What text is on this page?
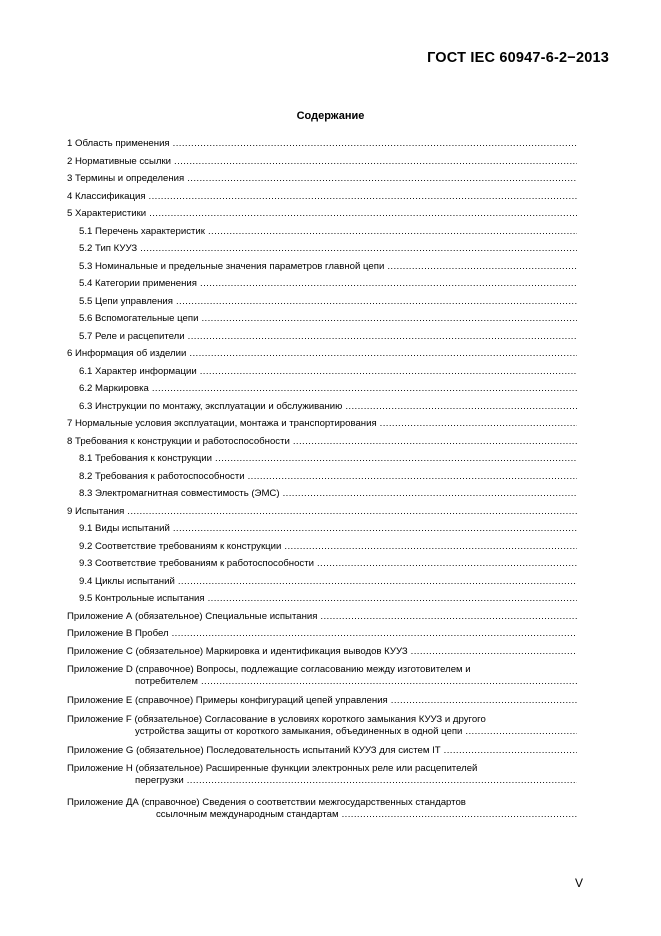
ГОСТ IEC 60947-6-2−2013
Содержание
1 Область применения
.....
2 Нормативные ссылки
.....
3 Термины и определения
.....
4 Классификация
.....
5 Характеристики
.....
5.1 Перечень характеристик
.....
5.2 Тип КУУЗ
.....
5.3 Номинальные и предельные значения параметров главной цепи
.....
5.4 Категории применения
.....
5.5 Цепи управления
.....
5.6 Вспомогательные цепи
.....
5.7 Реле и расцепители
.....
6 Информация об изделии
.....
6.1 Характер информации
.....
6.2 Маркировка
.....
6.3 Инструкции по монтажу, эксплуатации и обслуживанию
.....
7 Нормальные условия эксплуатации, монтажа и транспортирования
.....
8 Требования к конструкции и работоспособности
.....
8.1 Требования к конструкции
.....
8.2 Требования к работоспособности
.....
8.3 Электромагнитная совместимость (ЭМС)
.....
9 Испытания
.....
9.1 Виды испытаний
.....
9.2 Соответствие требованиям к конструкции
.....
9.3 Соответствие требованиям к работоспособности
.....
9.4 Циклы испытаний
.....
9.5 Контрольные испытания
.....
Приложение А (обязательное) Специальные испытания
.....
Приложение В Пробел
.....
Приложение С (обязательное) Маркировка и идентификация выводов КУУЗ
.....
Приложение D (справочное) Вопросы, подлежащие согласованию между изготовителем и
потребителем
.....
Приложение E (справочное) Примеры конфигураций цепей управления
.....
Приложение F (обязательное) Согласование в условиях короткого замыкания КУУЗ и другого
устройства защиты от короткого замыкания, объединенных в одной цепи
.....
Приложение G (обязательное) Последовательность испытаний КУУЗ для систем IT
.....
Приложение H (обязательное) Расширенные функции электронных реле или расцепителей
перегрузки
.....
Приложение ДА (справочное) Сведения о соответствии межгосударственных стандартов
ссылочным международным стандартам
.....
V
